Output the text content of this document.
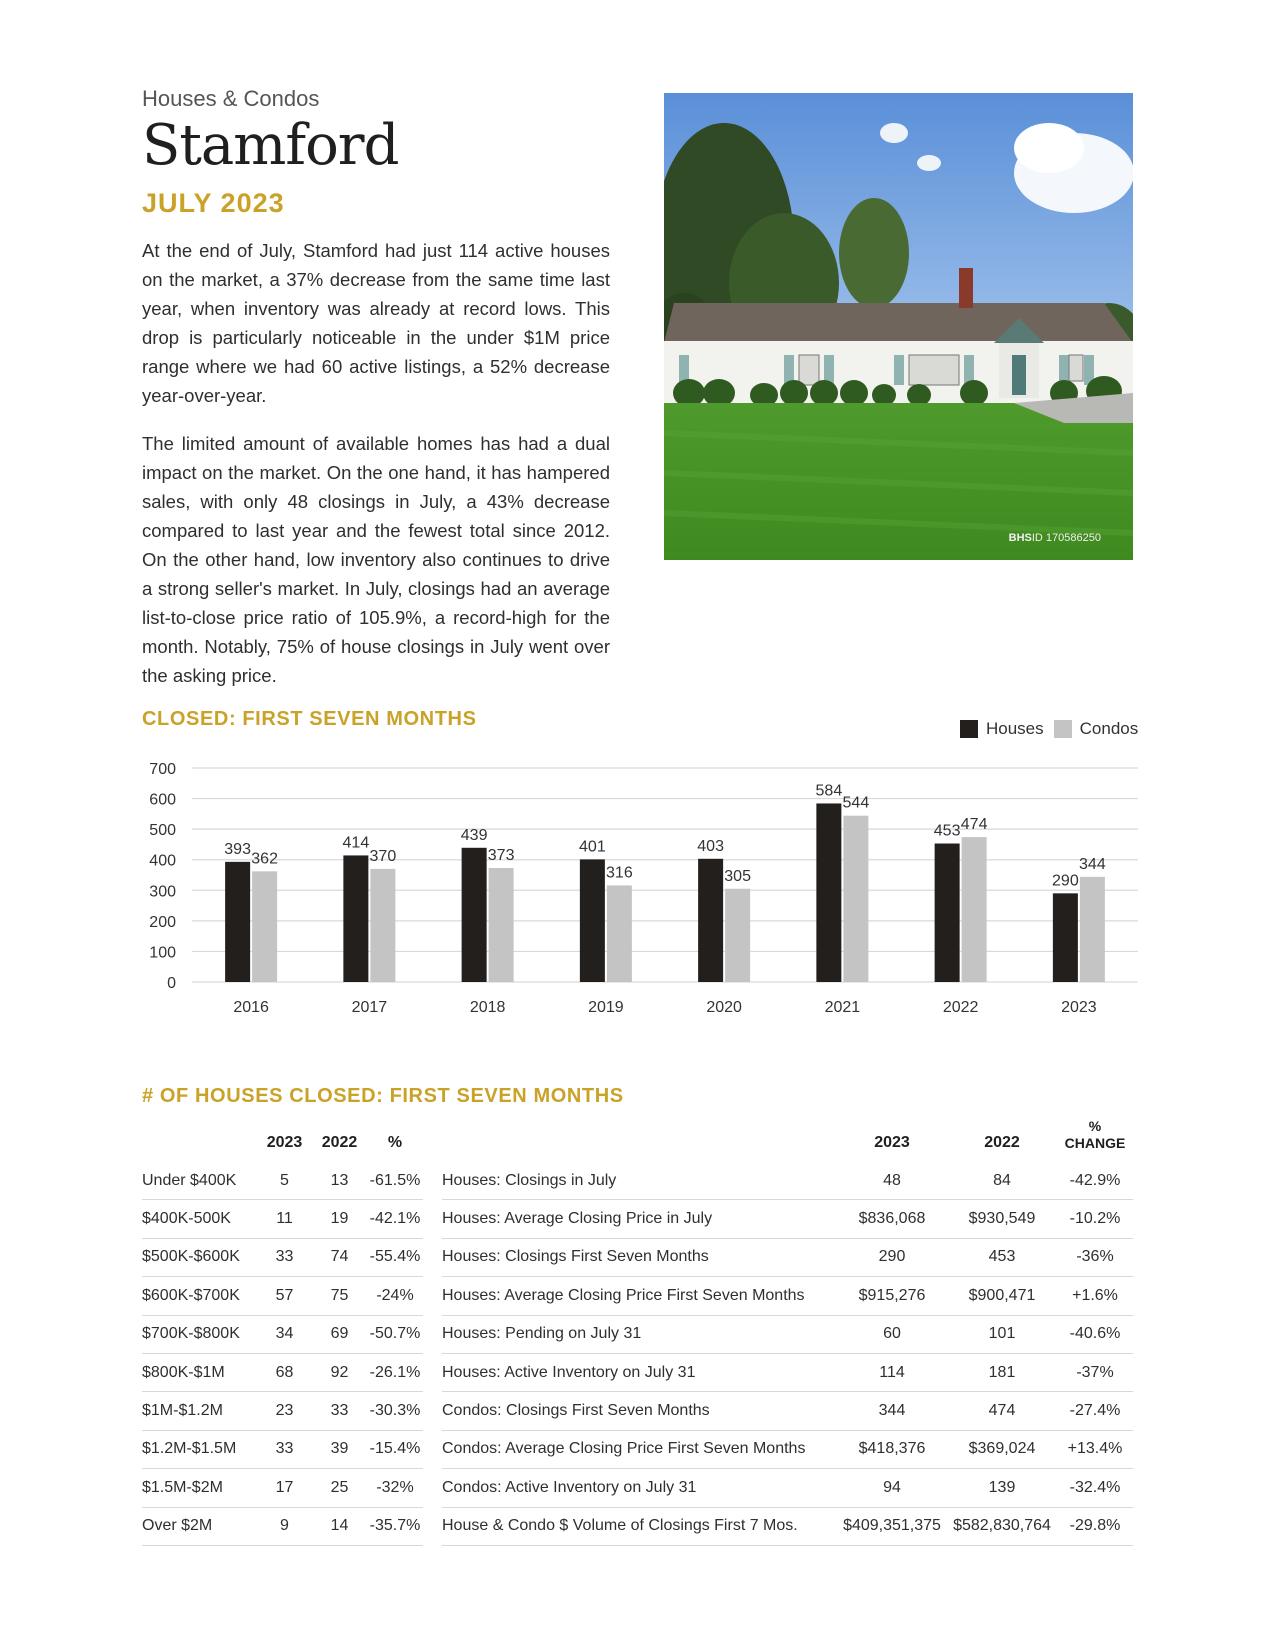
Houses & Condos
Stamford
JULY 2023
At the end of July, Stamford had just 114 active houses on the market, a 37% decrease from the same time last year, when inventory was already at record lows. This drop is particularly noticeable in the under $1M price range where we had 60 active listings, a 52% decrease year-over-year.
The limited amount of available homes has had a dual impact on the market. On the one hand, it has hampered sales, with only 48 closings in July, a 43% decrease compared to last year and the fewest total since 2012. On the other hand, low inventory also continues to drive a strong seller's market. In July, closings had an average list-to-close price ratio of 105.9%, a record-high for the month. Notably, 75% of house closings in July went over the asking price.
BHSID 170586250
CLOSED: FIRST SEVEN MONTHS	Houses Condos
0
100
200
300
400
500
600
700
393
362
2016
414
370
2017
439
373
2018
401
316
2019
403
305
2020
584
544
2021
453 474
2022
290
344
2023
# OF HOUSES CLOSED: FIRST SEVEN MONTHS
	2023	2022	%
Under $400K	5	13	-61.5%
$400K-500K	11	19	-42.1%
$500K-$600K	33	74	-55.4%
$600K-$700K	57	75	-24%
$700K-$800K	34	69	-50.7%
$800K-$1M	68	92	-26.1%
$1M-$1.2M	23	33	-30.3%
$1.2M-$1.5M	33	39	-15.4%
$1.5M-$2M	17	25	-32%
Over $2M	9	14	-35.7%
	2023	2022	% CHANGE
Houses: Closings in July	48	84	-42.9%
Houses: Average Closing Price in July	$836,068	$930,549	-10.2%
Houses: Closings First Seven Months	290	453	-36%
Houses: Average Closing Price First Seven Months	$915,276	$900,471	+1.6%
Houses: Pending on July 31	60	101	-40.6%
Houses: Active Inventory on July 31	114	181	-37%
Condos: Closings First Seven Months	344	474	-27.4%
Condos: Average Closing Price First Seven Months	$418,376	$369,024	+13.4%
Condos: Active Inventory on July 31	94	139	-32.4%
House & Condo $ Volume of Closings First 7 Mos.	$409,351,375	$582,830,764	-29.8%
